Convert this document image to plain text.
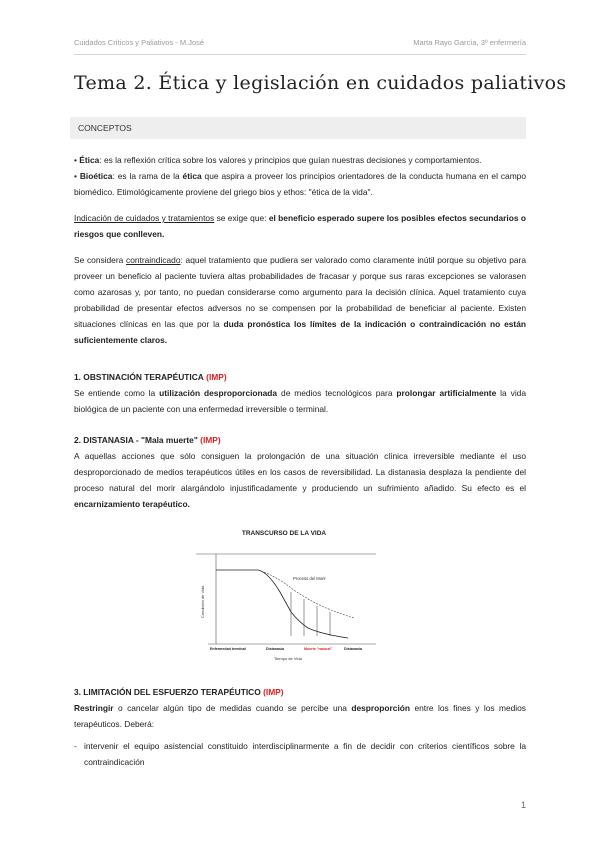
Cuidados Críticos y Paliativos - M.José	Marta Rayo García, 3º enfermería
Tema 2. Ética y legislación en cuidados paliativos
CONCEPTOS
• Ética: es la reflexión crítica sobre los valores y principios que guían nuestras decisiones y comportamientos.
• Bioética: es la rama de la ética que aspira a proveer los principios orientadores de la conducta humana en el campo biomédico. Etimológicamente proviene del griego bios y ethos: "ética de la vida".
Indicación de cuidados y tratamientos se exige que: el beneficio esperado supere los posibles efectos secundarios o riesgos que conlleven.
Se considera contraindicado: aquel tratamiento que pudiera ser valorado como claramente inútil porque su objetivo para proveer un beneficio al paciente tuviera altas probabilidades de fracasar y porque sus raras excepciones se valorasen como azarosas y, por tanto, no puedan considerarse como argumento para la decisión clínica. Aquel tratamiento cuya probabilidad de presentar efectos adversos no se compensen por la probabilidad de beneficiar al paciente. Existen situaciones clínicas en las que por la duda pronóstica los límites de la indicación o contraindicación no están suficientemente claros.
1. OBSTINACIÓN TERAPÉUTICA (IMP)
Se entiende como la utilización desproporcionada de medios tecnológicos para prolongar artificialmente la vida biológica de un paciente con una enfermedad irreversible o terminal.
2. DISTANASIA - "Mala muerte" (IMP)
A aquellas acciones que sólo consiguen la prolongación de una situación clínica irreversible mediante el uso desproporcionado de medios terapéuticos útiles en los casos de reversibilidad. La distanasia desplaza la pendiente del proceso natural del morir alargándolo injustificadamente y produciendo un sufrimiento añadido. Su efecto es el encarnizamiento terapéutico.
TRANSCURSO DE LA VIDA
Condición de Vida
Tiempo de Vida
Proceso del Morir
Enfermedad terminal	Distanasia	Muerte "natural"	Distanasia
3. LIMITACIÓN DEL ESFUERZO TERAPÉUTICO (IMP)
Restringir o cancelar algún tipo de medidas cuando se percibe una desproporción entre los fines y los medios terapéuticos. Deberá:
- intervenir el equipo asistencial constituido interdisciplinarmente a fin de decidir con criterios científicos sobre la contraindicación
1
